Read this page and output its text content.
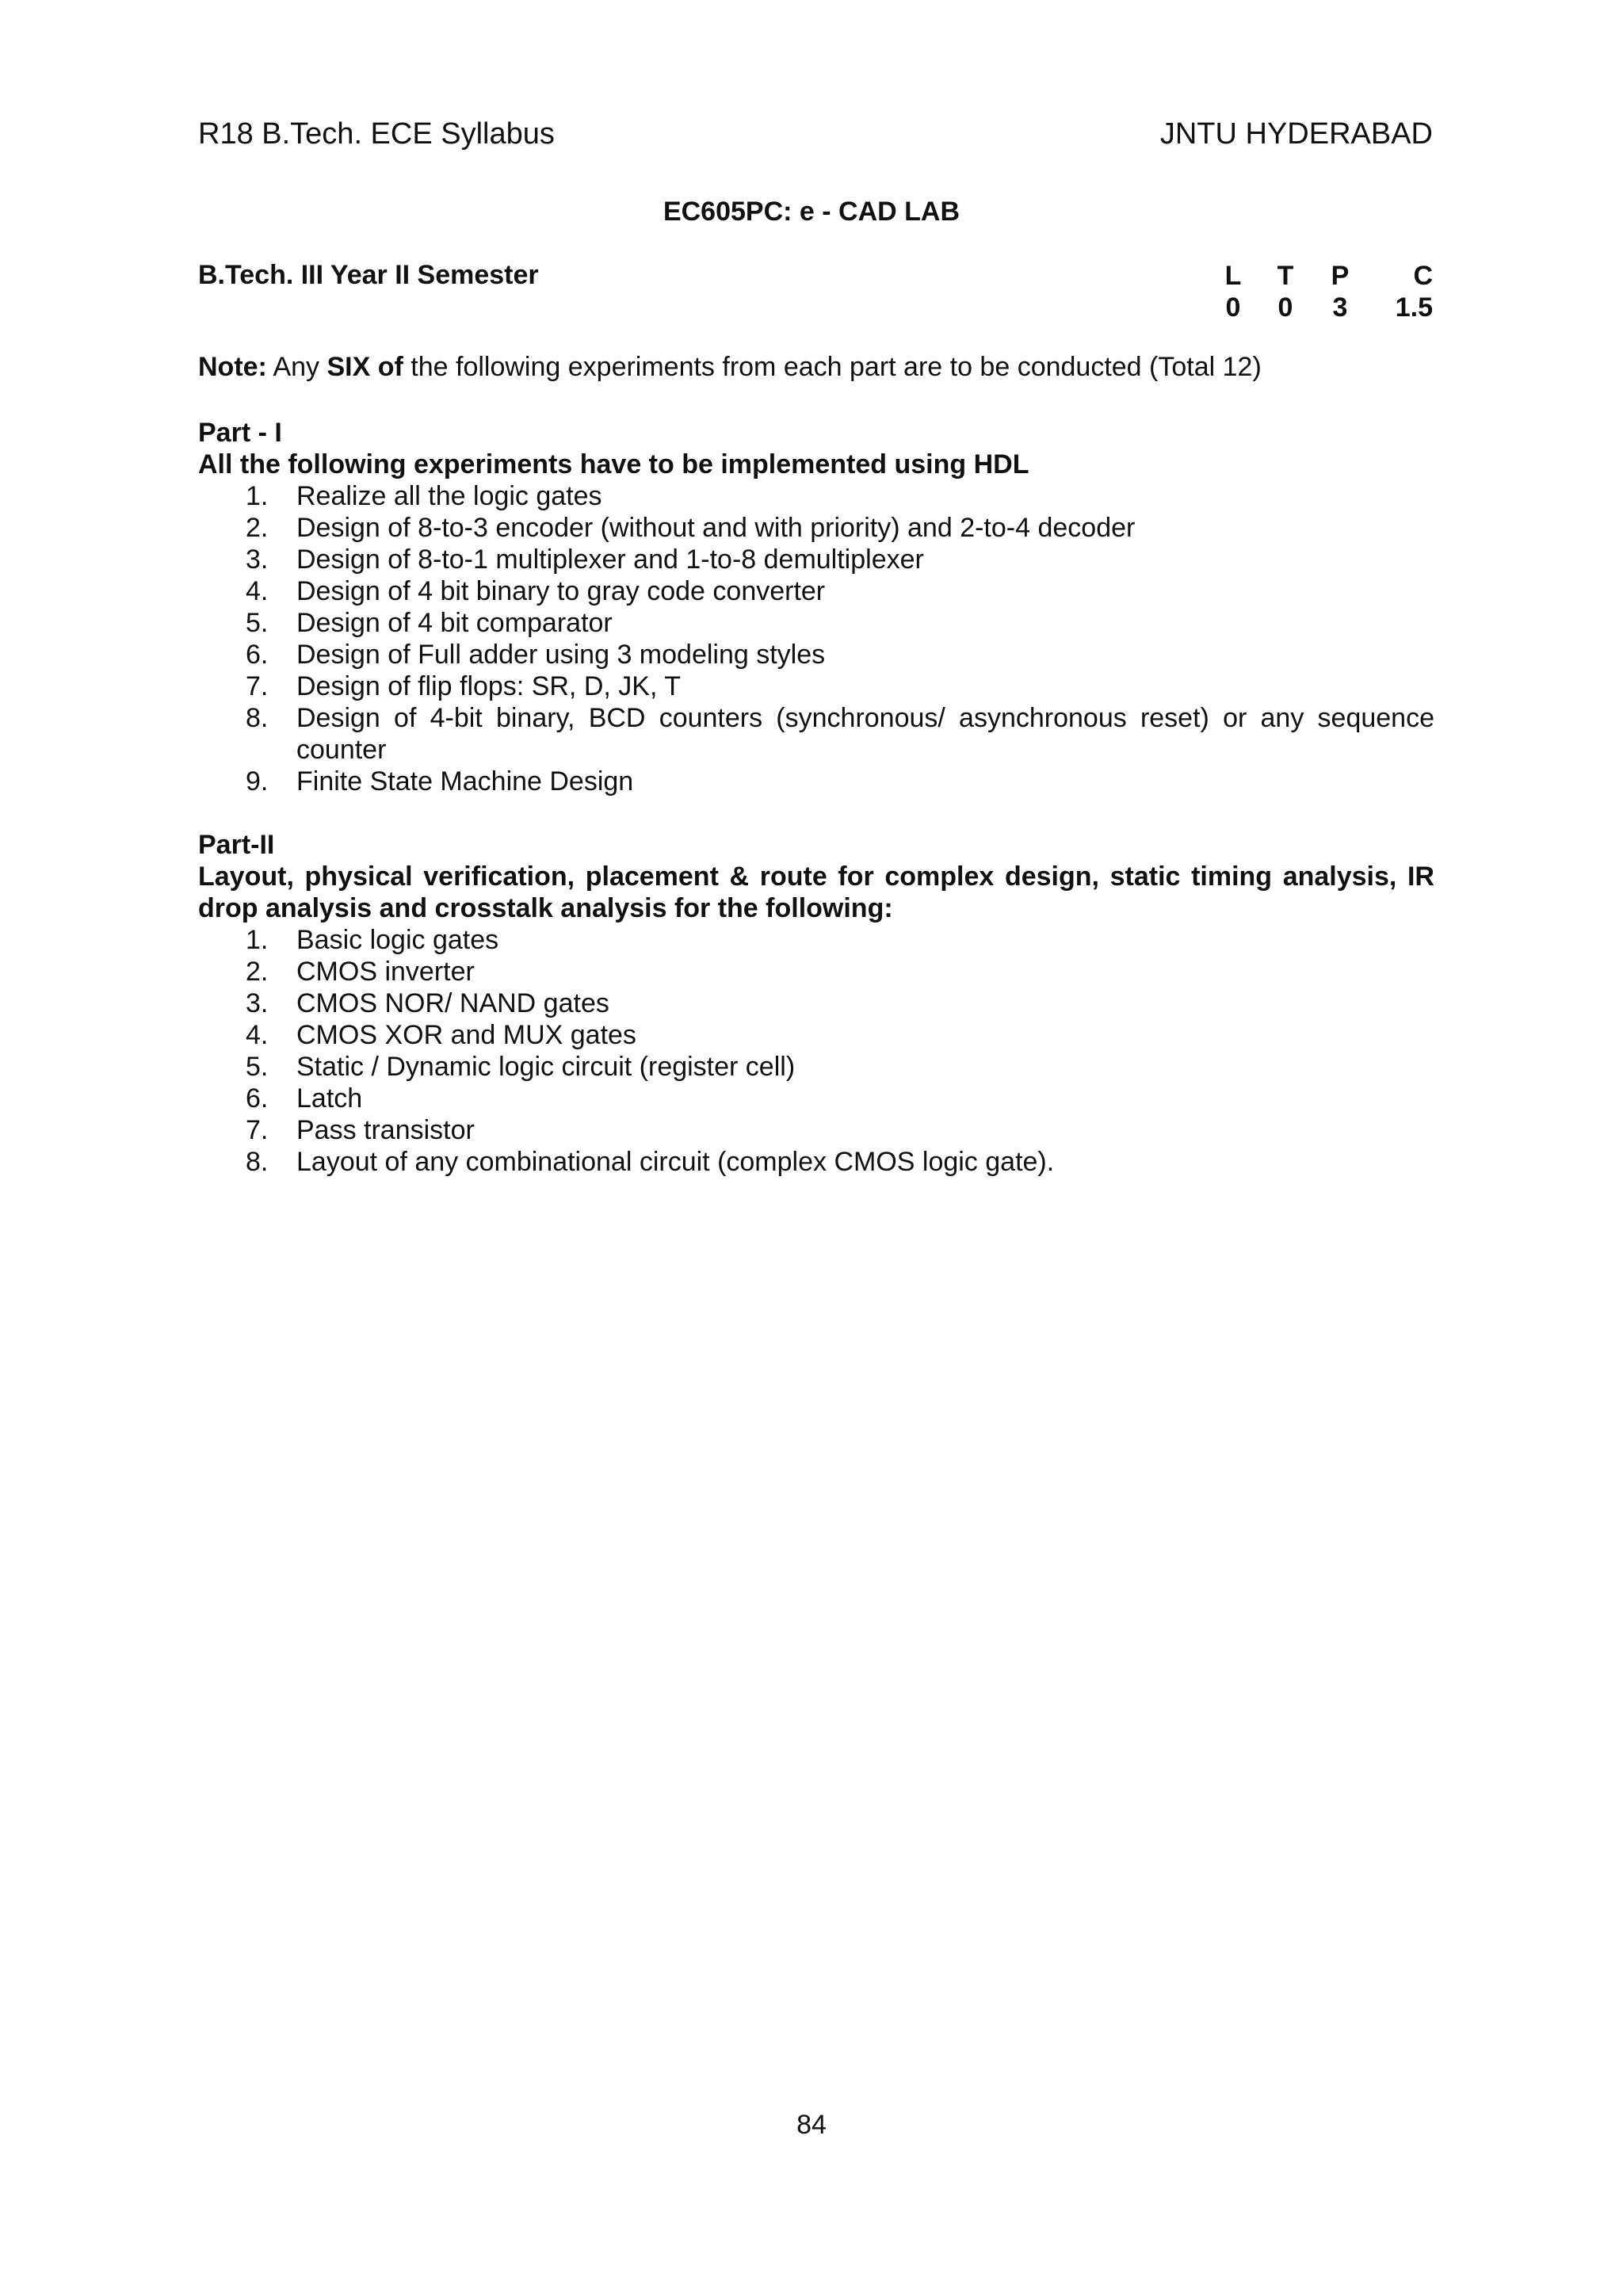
R18 B.Tech. ECE Syllabus	JNTU HYDERABAD
EC605PC: e - CAD LAB
B.Tech. III Year II Semester	L	T	P	C
0	0	3	1.5
Note: Any SIX of the following experiments from each part are to be conducted (Total 12)
Part - I
All the following experiments have to be implemented using HDL
1.	Realize all the logic gates
2.	Design of 8-to-3 encoder (without and with priority) and 2-to-4 decoder
3.	Design of 8-to-1 multiplexer and 1-to-8 demultiplexer
4.	Design of 4 bit binary to gray code converter
5.	Design of 4 bit comparator
6.	Design of Full adder using 3 modeling styles
7.	Design of flip flops: SR, D, JK, T
8.	Design of 4-bit binary, BCD counters (synchronous/ asynchronous reset) or any sequence counter
9.	Finite State Machine Design
Part-II
Layout, physical verification, placement & route for complex design, static timing analysis, IR drop analysis and crosstalk analysis for the following:
1.	Basic logic gates
2.	CMOS inverter
3.	CMOS NOR/ NAND gates
4.	CMOS XOR and MUX gates
5.	Static / Dynamic logic circuit (register cell)
6.	Latch
7.	Pass transistor
8.	Layout of any combinational circuit (complex CMOS logic gate).
84
